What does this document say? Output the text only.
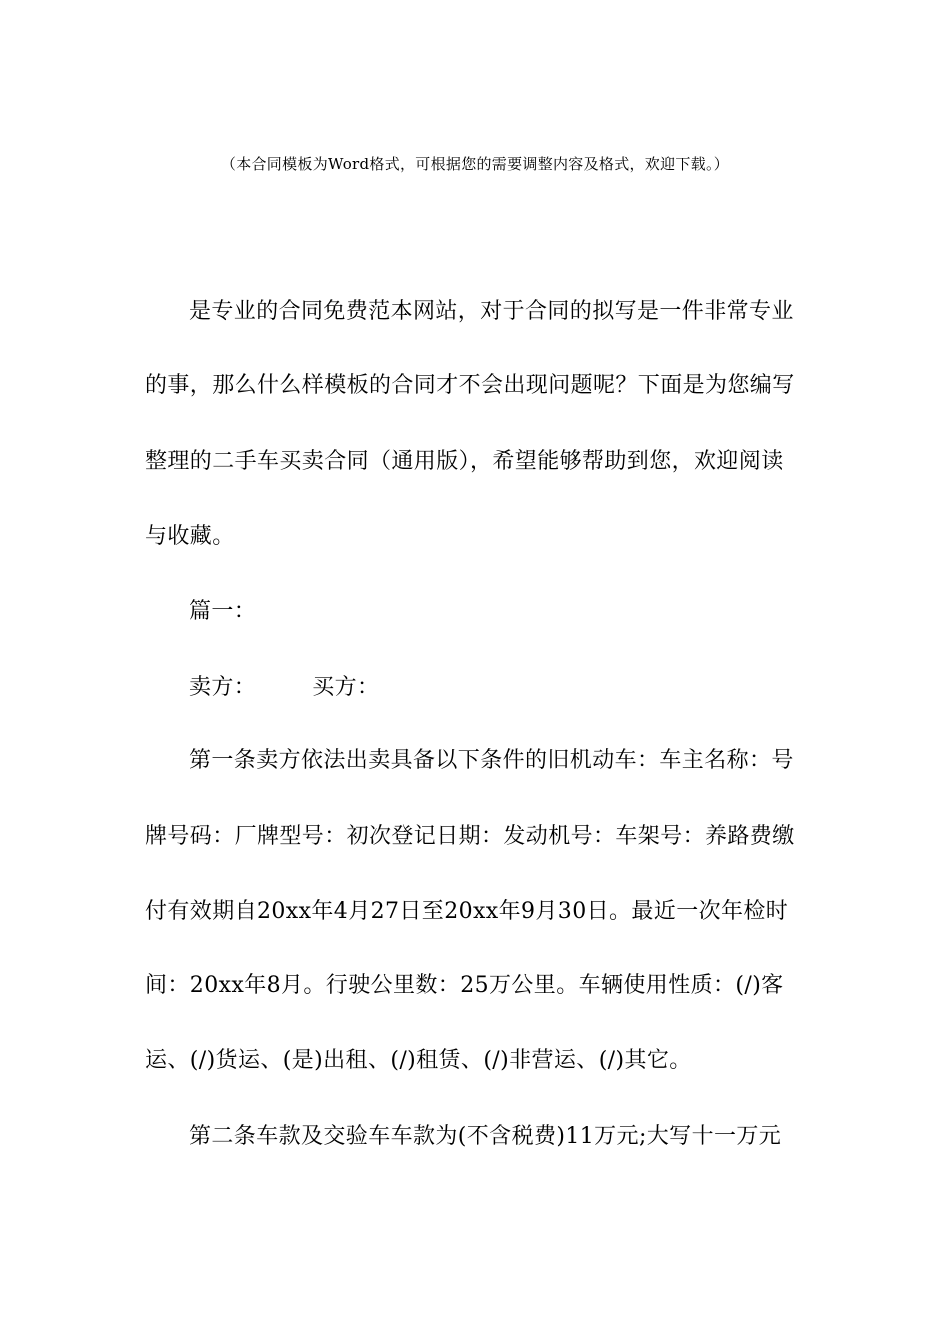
（本合同模板为Word格式，可根据您的需要调整内容及格式，欢迎下载。）
是专业的合同免费范本网站，对于合同的拟写是一件非常专业
的事，那么什么样模板的合同才不会出现问题呢？下面是为您编写
整理的二手车买卖合同（通用版），希望能够帮助到您，欢迎阅读
与收藏。
篇一：
卖方：	买方：
第一条卖方依法出卖具备以下条件的旧机动车：车主名称：号
牌号码：厂牌型号：初次登记日期：发动机号：车架号：养路费缴
付有效期自20xx年4月27日至20xx年9月30日。最近一次年检时
间：20xx年8月。行驶公里数：25万公里。车辆使用性质：(/)客
运、(/)货运、(是)出租、(/)租赁、(/)非营运、(/)其它。
第二条车款及交验车车款为(不含税费)11万元;大写十一万元
